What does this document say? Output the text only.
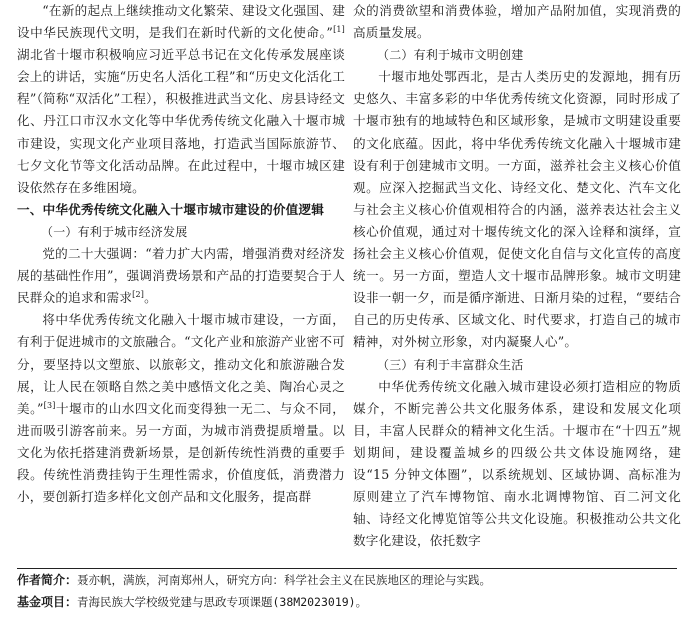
“在新的起点上继续推动文化繁荣、建设文化强国、建设中华民族现代文明，是我们在新时代新的文化使命。”[1]湖北省十堰市积极响应习近平总书记在文化传承发展座谈会上的讲话，实施“历史名人活化工程”和“历史文化活化工程”（简称“双活化”工程），积极推进武当文化、房县诗经文化、丹江口市汉水文化等中华优秀传统文化融入十堰市城市建设，实现文化产业项目落地，打造武当国际旅游节、七夕文化节等文化活动品牌。在此过程中，十堰市城区建设依然存在多维困境。

一、中华优秀传统文化融入十堰市城市建设的价值逻辑

（一）有利于城市经济发展

党的二十大强调：“着力扩大内需，增强消费对经济发展的基础性作用”，强调消费场景和产品的打造要契合于人民群众的追求和需求[2]。

将中华优秀传统文化融入十堰市城市建设，一方面，有利于促进城市的文旅融合。“文化产业和旅游产业密不可分，要坚持以文塑旅、以旅彰文，推动文化和旅游融合发展，让人民在领略自然之美中感悟文化之美、陶冶心灵之美。”[3]十堰市的山水四文化而变得独一无二、与众不同，进而吸引游客前来。另一方面，为城市消费提质增量。以文化为依托搭建消费新场景，是创新传统性消费的重要手段。传统性消费挂钩于生理性需求，价值度低，消费潜力小，要创新打造多样化文创产品和文化服务，提高群

众的消费欲望和消费体验，增加产品附加值，实现消费的高质量发展。

（二）有利于城市文明创建

十堰市地处鄂西北，是古人类历史的发源地，拥有历史悠久、丰富多彩的中华优秀传统文化资源，同时形成了十堰市独有的地域特色和区域形象，是城市文明建设重要的文化底蕴。因此，将中华优秀传统文化融入十堰城市建设有利于创建城市文明。一方面，滋养社会主义核心价值观。应深入挖掘武当文化、诗经文化、楚文化、汽车文化与社会主义核心价值观相符合的内涵，滋养表达社会主义核心价值观，通过对十堰传统文化的深入诠释和演绎，宣扬社会主义核心价值观，促使文化自信与文化宣传的高度统一。另一方面，塑造人文十堰市品牌形象。城市文明建设非一朝一夕，而是循序渐进、日渐月染的过程，“要结合自己的历史传承、区域文化、时代要求，打造自己的城市精神，对外树立形象，对内凝聚人心”。

（三）有利于丰富群众生活

中华优秀传统文化融入城市建设必须打造相应的物质媒介，不断完善公共文化服务体系，建设和发展文化项目，丰富人民群众的精神文化生活。十堰市在“十四五”规划期间，建设覆盖城乡的四级公共文体设施网络，建设“15 分钟文体圈”，以系统规划、区域协调、高标准为原则建立了汽车博物馆、南水北调博物馆、百二河文化轴、诗经文化博览馆等公共文化设施。积极推动公共文化数字化建设，依托数字

作者简介：聂亦帆，满族，河南郑州人，研究方向：科学社会主义在民族地区的理论与实践。

基金项目：青海民族大学校级党建与思政专项课题(38M2023019)。
